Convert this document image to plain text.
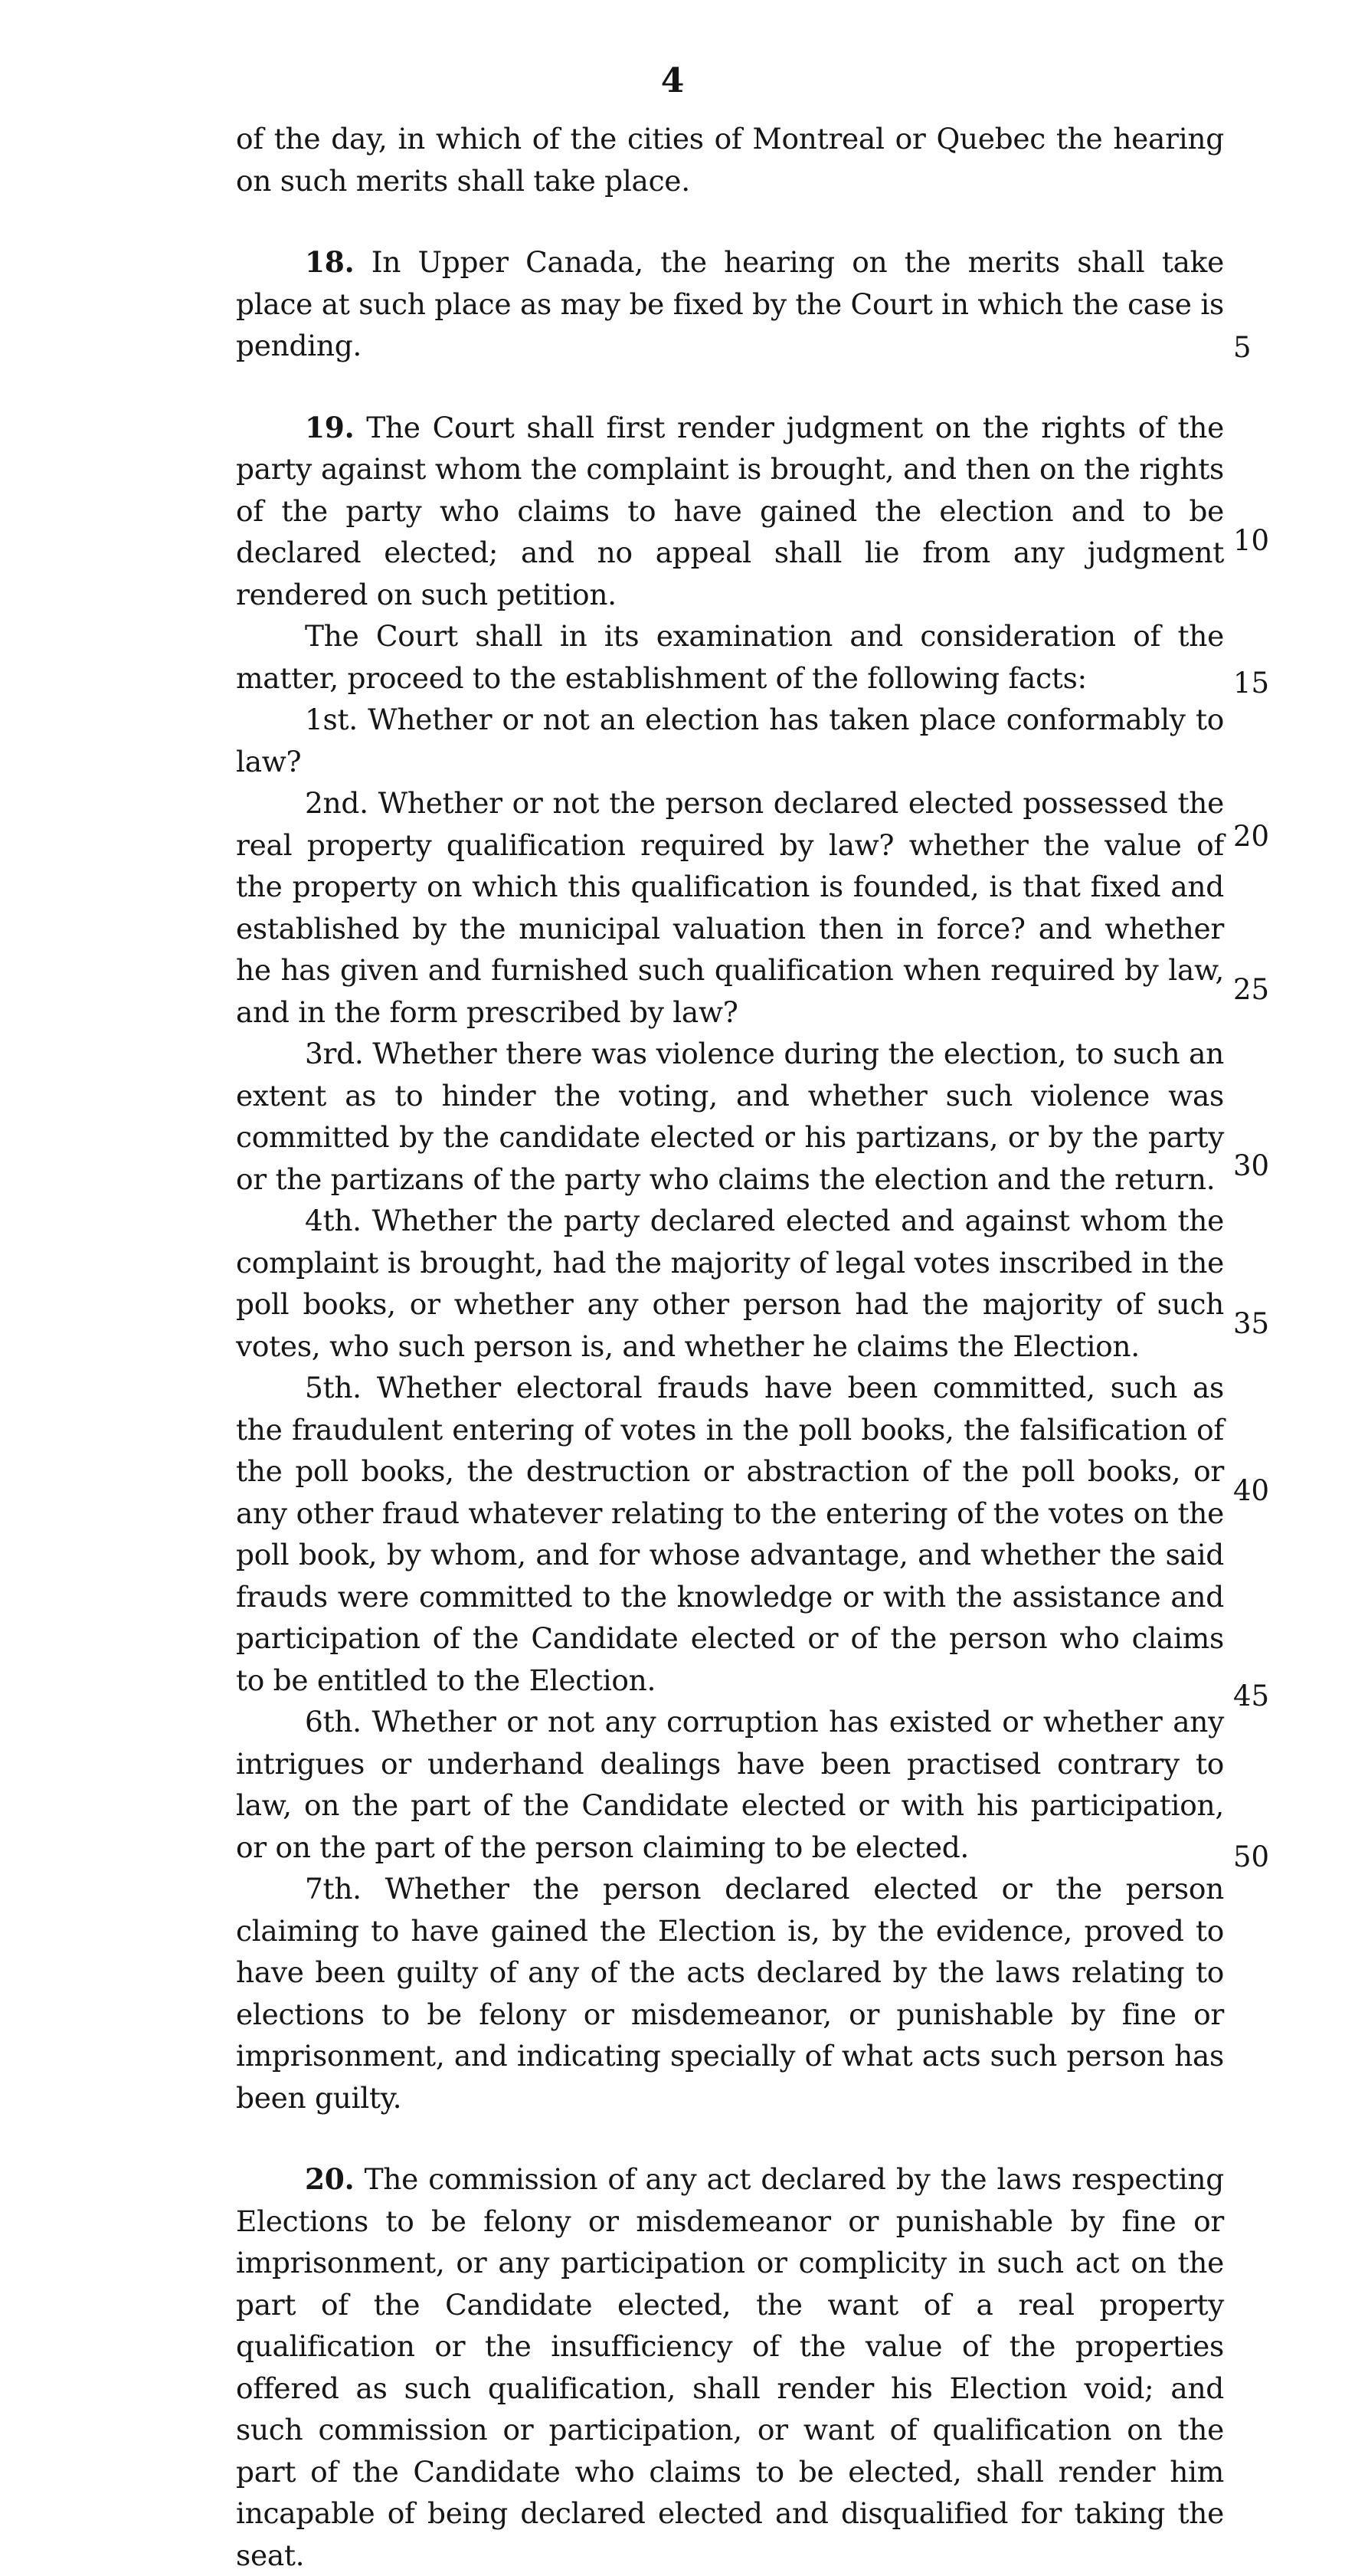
4

of the day, in which of the cities of Montreal or Quebec the hearing on such merits shall take place.

18. In Upper Canada, the hearing on the merits shall take place at such place as may be fixed by the Court in which the case is pending.

19. The Court shall first render judgment on the rights of the party against whom the complaint is brought, and then on the rights of the party who claims to have gained the election and to be declared elected; and no appeal shall lie from any judgment rendered on such petition.

The Court shall in its examination and consideration of the matter, proceed to the establishment of the following facts:

1st. Whether or not an election has taken place conformably to law?

2nd. Whether or not the person declared elected possessed the real property qualification required by law? whether the value of the property on which this qualification is founded, is that fixed and established by the municipal valuation then in force? and whether he has given and furnished such qualification when required by law, and in the form prescribed by law?

3rd. Whether there was violence during the election, to such an extent as to hinder the voting, and whether such violence was committed by the candidate elected or his partizans, or by the party or the partizans of the party who claims the election and the return.

4th. Whether the party declared elected and against whom the complaint is brought, had the majority of legal votes inscribed in the poll books, or whether any other person had the majority of such votes, who such person is, and whether he claims the Election.

5th. Whether electoral frauds have been committed, such as the fraudulent entering of votes in the poll books, the falsification of the poll books, the destruction or abstraction of the poll books, or any other fraud whatever relating to the entering of the votes on the poll book, by whom, and for whose advantage, and whether the said frauds were committed to the knowledge or with the assistance and participation of the Candidate elected or of the person who claims to be entitled to the Election.

6th. Whether or not any corruption has existed or whether any intrigues or underhand dealings have been practised contrary to law, on the part of the Candidate elected or with his participation, or on the part of the person claiming to be elected.

7th. Whether the person declared elected or the person claiming to have gained the Election is, by the evidence, proved to have been guilty of any of the acts declared by the laws relating to elections to be felony or misdemeanor, or punishable by fine or imprisonment, and indicating specially of what acts such person has been guilty.

20. The commission of any act declared by the laws respecting Elections to be felony or misdemeanor or punishable by fine or imprisonment, or any participation or complicity in such act on the part of the Candidate elected, the want of a real property qualification or the insufficiency of the value of the properties offered as such qualification, shall render his Election void; and such commission or participation, or want of qualification on the part of the Candidate who claims to be elected, shall render him incapable of being declared elected and disqualified for taking the seat.

5
10
15
20
25
30
35
40
45
50
